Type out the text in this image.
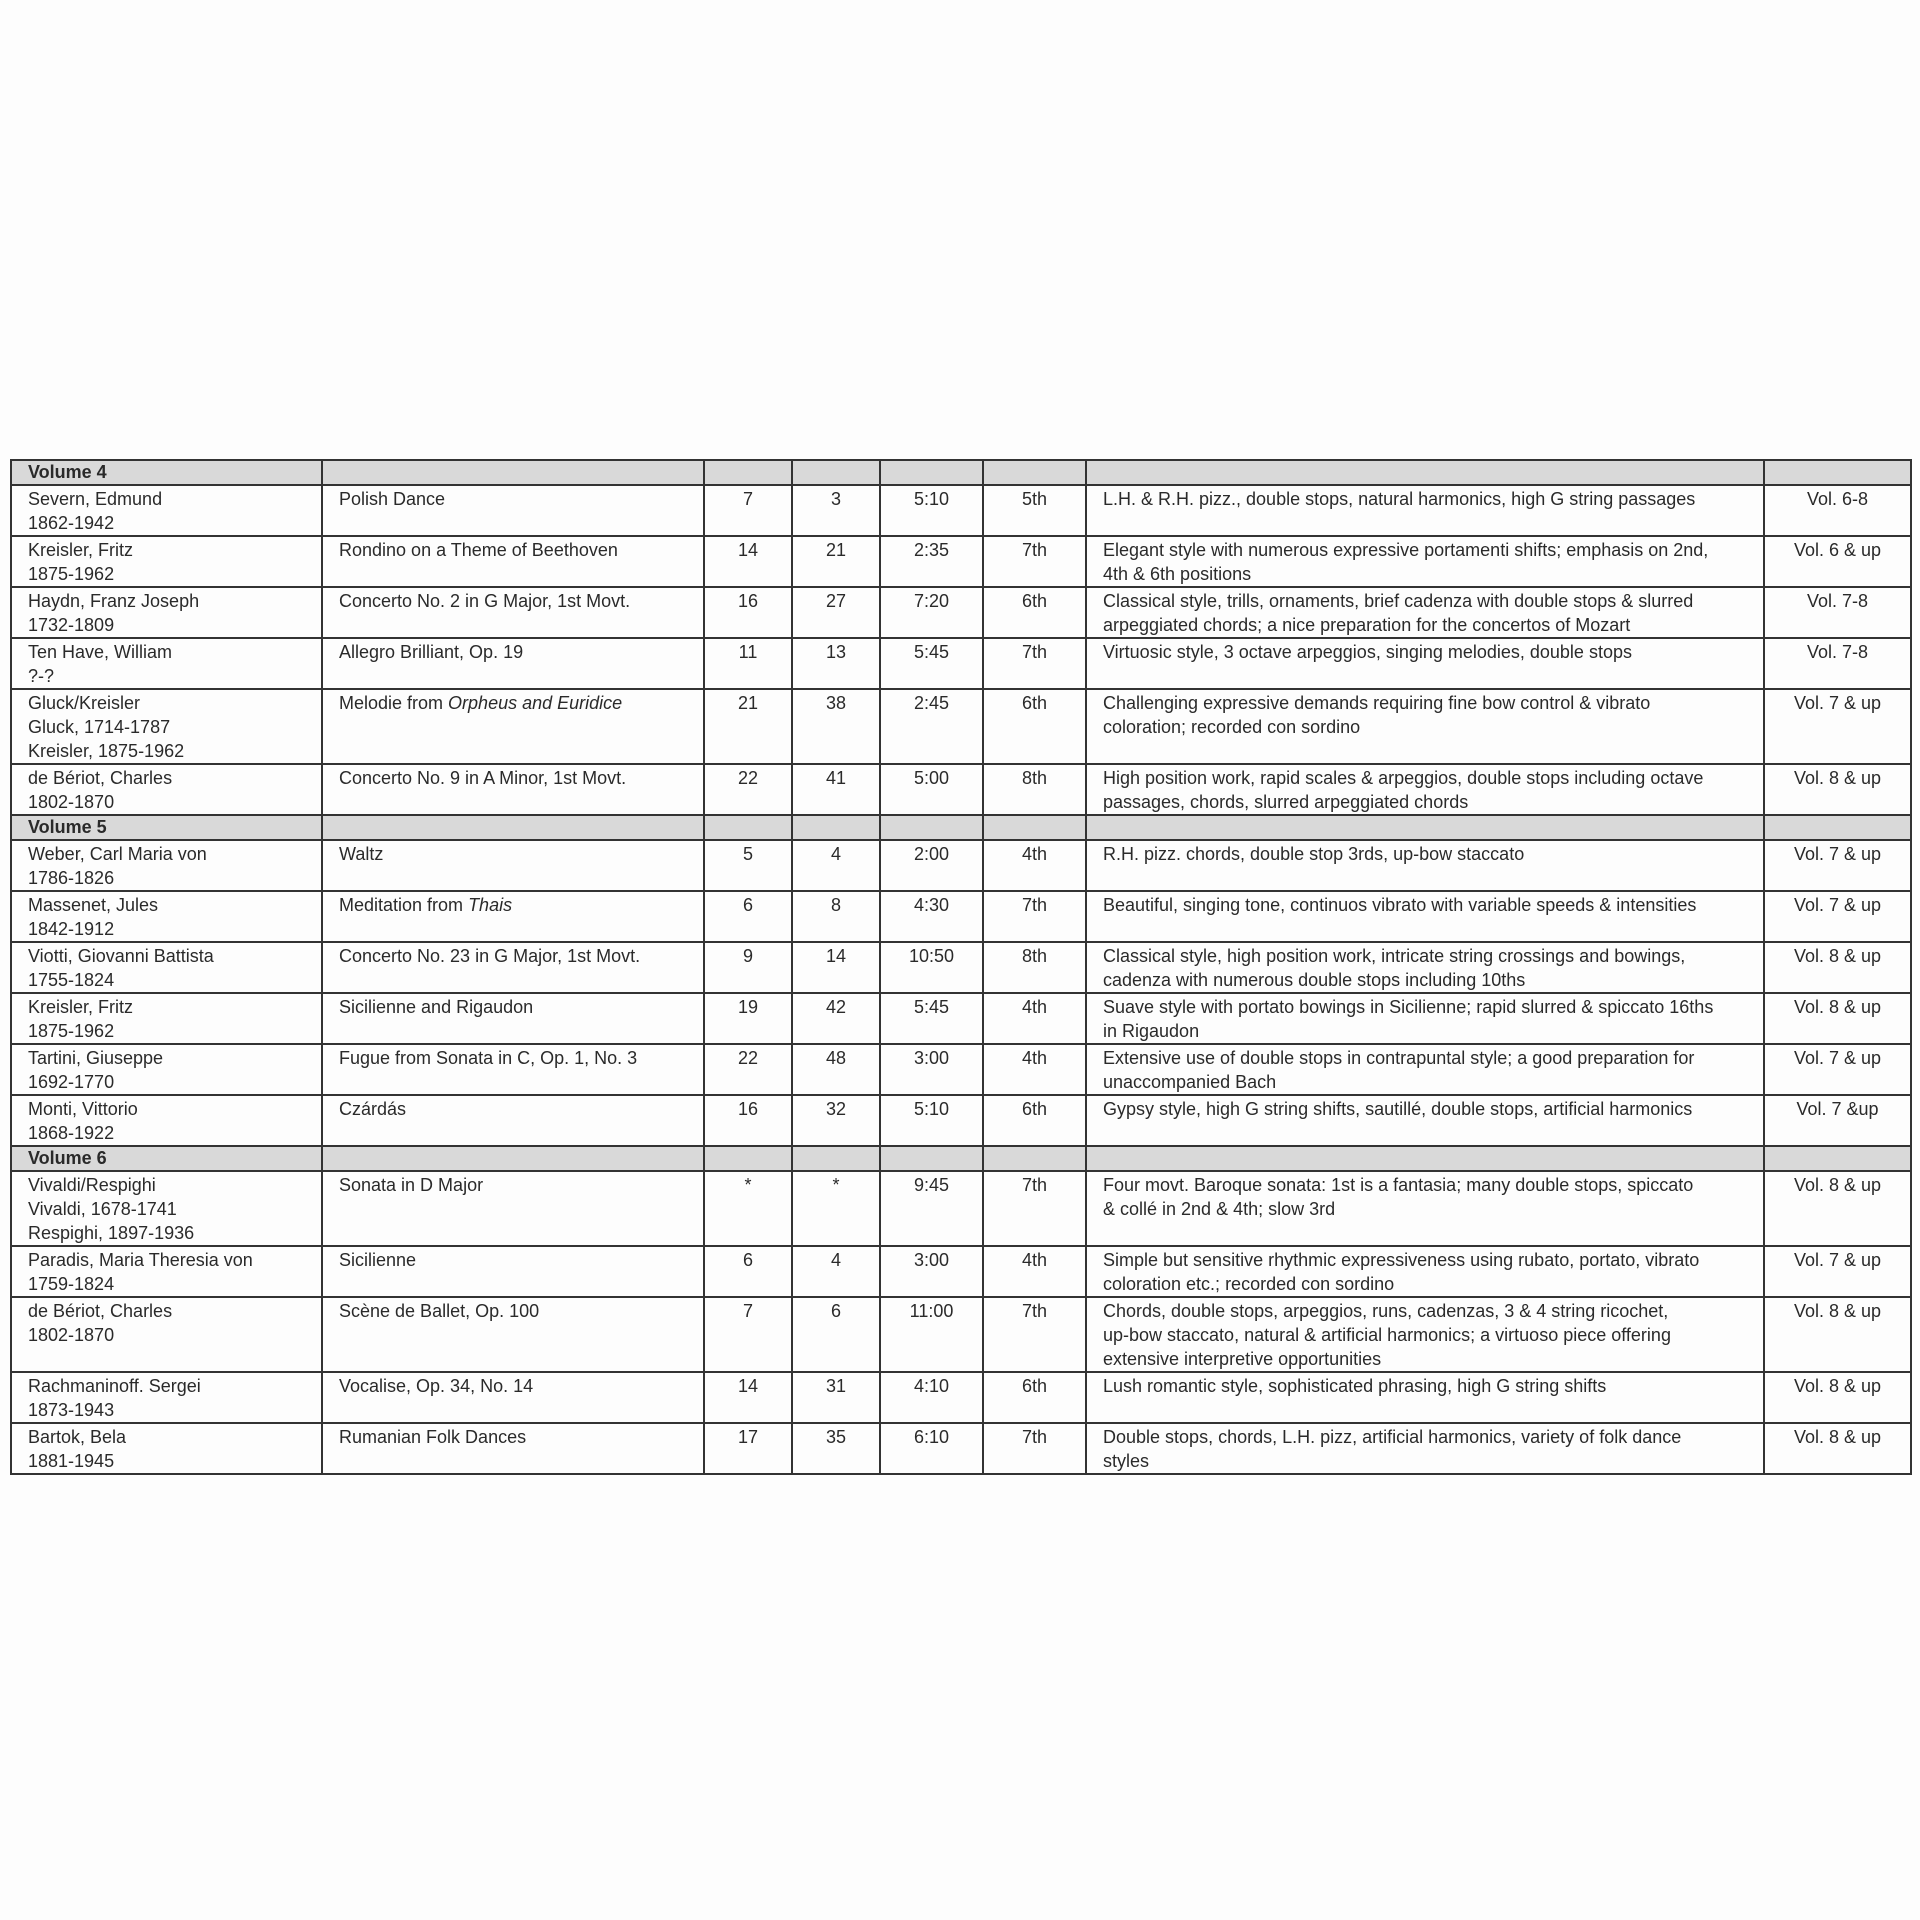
Volume 4							

Severn, Edmund
1862-1942	Polish Dance	7	3	5:10	5th	L.H. & R.H. pizz., double stops, natural harmonics, high G string passages	Vol. 6-8

Kreisler, Fritz
1875-1962	Rondino on a Theme of Beethoven	14	21	2:35	7th	Elegant style with numerous expressive portamenti shifts; emphasis on 2nd,
4th & 6th positions	Vol. 6 & up

Haydn, Franz Joseph
1732-1809	Concerto No. 2 in G Major, 1st Movt.	16	27	7:20	6th	Classical style, trills, ornaments, brief cadenza with double stops & slurred
arpeggiated chords; a nice preparation for the concertos of Mozart	Vol. 7-8

Ten Have, William
?-?	Allegro Brilliant, Op. 19	11	13	5:45	7th	Virtuosic style, 3 octave arpeggios, singing melodies, double stops	Vol. 7-8

Gluck/Kreisler
Gluck, 1714-1787
Kreisler, 1875-1962	Melodie from Orpheus and Euridice	21	38	2:45	6th	Challenging expressive demands requiring fine bow control & vibrato
coloration; recorded con sordino	Vol. 7 & up

de Bériot, Charles
1802-1870	Concerto No. 9 in A Minor, 1st Movt.	22	41	5:00	8th	High position work, rapid scales & arpeggios, double stops including octave
passages, chords, slurred arpeggiated chords	Vol. 8 & up
Volume 5							

Weber, Carl Maria von
1786-1826	Waltz	5	4	2:00	4th	R.H. pizz. chords, double stop 3rds, up-bow staccato	Vol. 7 & up

Massenet, Jules
1842-1912	Meditation from Thais	6	8	4:30	7th	Beautiful, singing tone, continuos vibrato with variable speeds & intensities	Vol. 7 & up

Viotti, Giovanni Battista
1755-1824	Concerto No. 23 in G Major, 1st Movt.	9	14	10:50	8th	Classical style, high position work, intricate string crossings and bowings,
cadenza with numerous double stops including 10ths	Vol. 8 & up

Kreisler, Fritz
1875-1962	Sicilienne and Rigaudon	19	42	5:45	4th	Suave style with portato bowings in Sicilienne; rapid slurred & spiccato 16ths
in Rigaudon	Vol. 8 & up

Tartini, Giuseppe
1692-1770	Fugue from Sonata in C, Op. 1, No. 3	22	48	3:00	4th	Extensive use of double stops in contrapuntal style; a good preparation for
unaccompanied Bach	Vol. 7 & up

Monti, Vittorio
1868-1922	Czárdás	16	32	5:10	6th	Gypsy style, high G string shifts, sautillé, double stops, artificial harmonics	Vol. 7 &up
Volume 6							

Vivaldi/Respighi
Vivaldi, 1678-1741
Respighi, 1897-1936	Sonata in D Major	*	*	9:45	7th	Four movt. Baroque sonata: 1st is a fantasia; many double stops, spiccato
& collé in 2nd & 4th; slow 3rd	Vol. 8 & up

Paradis, Maria Theresia von
1759-1824	Sicilienne	6	4	3:00	4th	Simple but sensitive rhythmic expressiveness using rubato, portato, vibrato
coloration etc.; recorded con sordino	Vol. 7 & up

de Bériot, Charles
1802-1870	Scène de Ballet, Op. 100	7	6	11:00	7th	Chords, double stops, arpeggios, runs, cadenzas, 3 & 4 string ricochet,
up-bow staccato, natural & artificial harmonics; a virtuoso piece offering
extensive interpretive opportunities	Vol. 8 & up

Rachmaninoff. Sergei
1873-1943	Vocalise, Op. 34, No. 14	14	31	4:10	6th	Lush romantic style, sophisticated phrasing, high G string shifts	Vol. 8 & up

Bartok, Bela
1881-1945	Rumanian Folk Dances	17	35	6:10	7th	Double stops, chords, L.H. pizz, artificial harmonics, variety of folk dance
styles	Vol. 8 & up
